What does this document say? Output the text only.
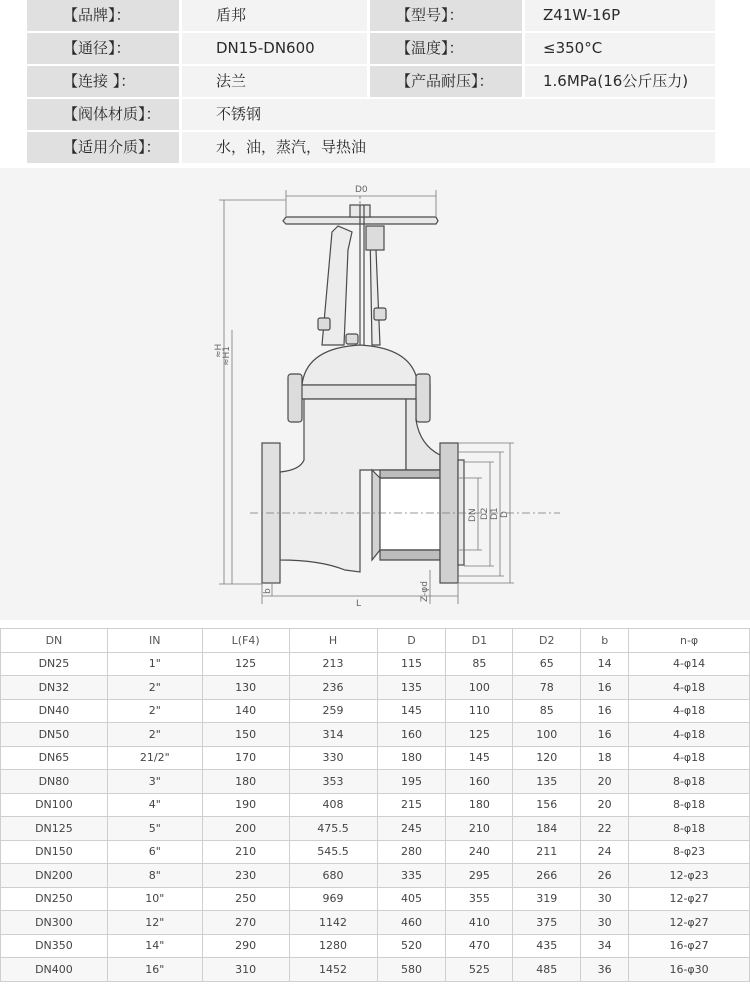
【品牌】：	盾邦	【型号】：	Z41W-16P
【通径】：	DN15-DN600	【温度】：	≤350°C
【连接 】：	法兰	【产品耐压】：	1.6MPa(16公斤压力)
【阀体材质】：	不锈钢
【适用介质】：	水，油，蒸汽，导热油
D0
≈H
≈H1
DN D2 D1 D
Z-φd
b
L
DN	IN	L(F4)	H	D	D1	D2	b	n-φ
DN25	1"	125	213	115	85	65	14	4-φ14
DN32	2"	130	236	135	100	78	16	4-φ18
DN40	2"	140	259	145	110	85	16	4-φ18
DN50	2"	150	314	160	125	100	16	4-φ18
DN65	21/2"	170	330	180	145	120	18	4-φ18
DN80	3"	180	353	195	160	135	20	8-φ18
DN100	4"	190	408	215	180	156	20	8-φ18
DN125	5"	200	475.5	245	210	184	22	8-φ18
DN150	6"	210	545.5	280	240	211	24	8-φ23
DN200	8"	230	680	335	295	266	26	12-φ23
DN250	10"	250	969	405	355	319	30	12-φ27
DN300	12"	270	1142	460	410	375	30	12-φ27
DN350	14"	290	1280	520	470	435	34	16-φ27
DN400	16"	310	1452	580	525	485	36	16-φ30
